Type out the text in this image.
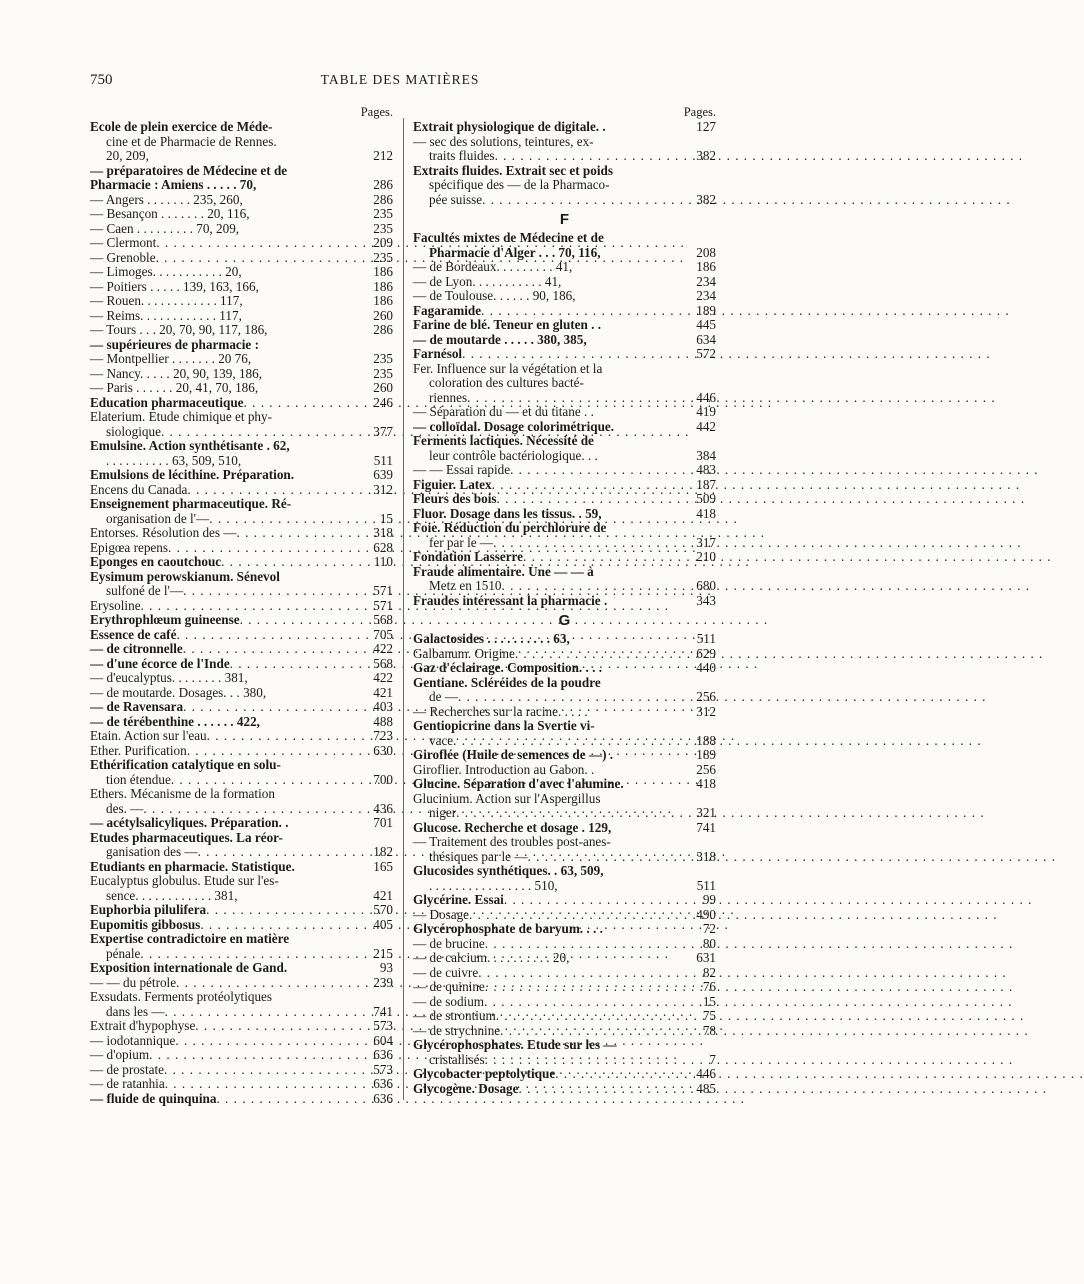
750	TABLE DES MATIÈRES
Pages.
Ecole de plein exercice de Méde-
cine et de Pharmacie de Rennes.
20, 209,	212
— préparatoires de Médecine et de
Pharmacie : Amiens . . . . . 70,	286
— Angers . . . . . . . 235, 260,	286
— Besançon . . . . . . . 20, 116,	235
— Caen . . . . . . . . . 70, 209,	235
— Clermont . . .	209
— Grenoble . . .	235
— Limoges. . . . . . . . . . . 20,	186
— Poitiers . . . . . 139, 163, 166,	186
— Rouen. . . . . . . . . . . . 117,	186
— Reims. . . . . . . . . . . . 117,	260
— Tours . . . 20, 70, 90, 117, 186,	286
— supérieures de pharmacie :
— Montpellier . . . . . . . 20 76,	235
— Nancy. . . . . 20, 90, 139, 186,	235
— Paris . . . . . . 20, 41, 70, 186,	260
Education pharmaceutique . . .	246
Elaterium. Etude chimique et phy-
siologique . . .	377
Emulsine. Action synthétisante . 62,
. . . . . . . . . . 63, 509, 510,	511
Emulsions de lécithine. Préparation.	639
Encens du Canada . . .	312
Enseignement pharmaceutique. Ré-
organisation de l'— . . .	15
Entorses. Résolution des — . . .	318
Epigœa repens . . .	628
Eponges en caoutchouc . . .	110
Eysimum perowskianum. Sénevol
sulfoné de l'— . . .	571
Erysoline . . .	571
Erythrophlœum guineense . . .	568
Essence de café . . .	705
— de citronnelle . . .	422
— d'une écorce de l'Inde . . .	568
— d'eucalyptus. . . . . . . . 381,	422
— de moutarde. Dosages. . . 380,	421
— de Ravensara . . .	403
— de térébenthine . . . . . . 422,	488
Etain. Action sur l'eau . . .	723
Ether. Purification . . .	630
Ethérification catalytique en solu-
tion étendue . . .	700
Ethers. Mécanisme de la formation
des. — . . .	436
— acétylsalicyliques. Préparation. .	701
Etudes pharmaceutiques. La réor-
ganisation des — . . .	182
Etudiants en pharmacie. Statistique.	165
Eucalyptus globulus. Etude sur l'es-
sence. . . . . . . . . . . . 381,	421
Euphorbia pilulifera . . .	570
Eupomitis gibbosus . . .	405
Expertise contradictoire en matière
pénale . . .	215
Exposition internationale de Gand.	93
— — du pétrole . . .	239
Exsudats. Ferments protéolytiques
dans les — . . .	741
Extrait d'hypophyse . . .	573
— iodotannique . . .	604
— d'opium . . .	636
— de prostate . . .	573
— de ratanhia . . .	636
— fluide de quinquina . . .	636
Pages.
Extrait physiologique de digitale. .	127
— sec des solutions, teintures, ex-
traits fluides . . .	382
Extraits fluides. Extrait sec et poids
spécifique des — de la Pharmaco-
pée suisse . . .	382
F
Facultés mixtes de Médecine et de
Pharmacie d'Alger . . . 70, 116,	208
— de Bordeaux. . . . . . . . . 41,	186
— de Lyon. . . . . . . . . . . 41,	234
— de Toulouse. . . . . . 90, 186,	234
Fagaramide . . .	189
Farine de blé. Teneur en gluten . .	445
— de moutarde . . . . . 380, 385,	634
Farnésol . . .	572
Fer. Influence sur la végétation et la
coloration des cultures bacté-
riennes . . .	446
— Séparation du — et du titane . .	419
— colloïdal. Dosage colorimétrique.	442
Ferments lactiques. Nécessité de
leur contrôle bactériologique. . .	384
— — Essai rapide . . .	483
Figuier. Latex . . .	187
Fleurs des bois . . .	509
Fluor. Dosage dans les tissus. . 59,	418
Foie. Réduction du perchlorure de
fer par le — . . .	317
Fondation Lasserre . . .	210
Fraude alimentaire. Une — — à
Metz en 1510 . . .	680
Fraudes intéressant la pharmacie .	343
G
Galactosides . . . . . . . . . . 63,	511
Galbanum. Origine . . .	629
Gaz d'éclairage. Composition. . . .	440
Gentiane. Scléréides de la poudre
de — . . .	256
— Recherches sur la racine. . . . .	312
Gentiopicrine dans la Svertie vi-
vace . . .	188
Giroflée (Huile de semences de —) .	189
Giroflier. Introduction au Gabon. .	256
Glucine. Séparation d'avec l'alumine.	418
Glucinium. Action sur l'Aspergillus
niger . . .	321
Glucose. Recherche et dosage . 129,	741
— Traitement des troubles post-anes-
thésiques par le — . . .	318
Glucosides synthétiques. . 63, 509,
. . . . . . . . . . . . . . . . 510,	511
Glycérine. Essai . . .	99
— Dosage . . .	490
Glycérophosphate de baryum. . . .	72
— de brucine . . .	80
— de calcium. . . . . . . . . . 20,	631
— de cuivre . . .	82
— de quinine . . .	76
— de sodium . . .	15
— de strontium . . .	75
— de strychnine . . .	78
Glycérophosphates. Etude sur les —
cristallisés . . .	7
Glycobacter peptolytique . . .	446
Glycogène. Dosage . . .	485
